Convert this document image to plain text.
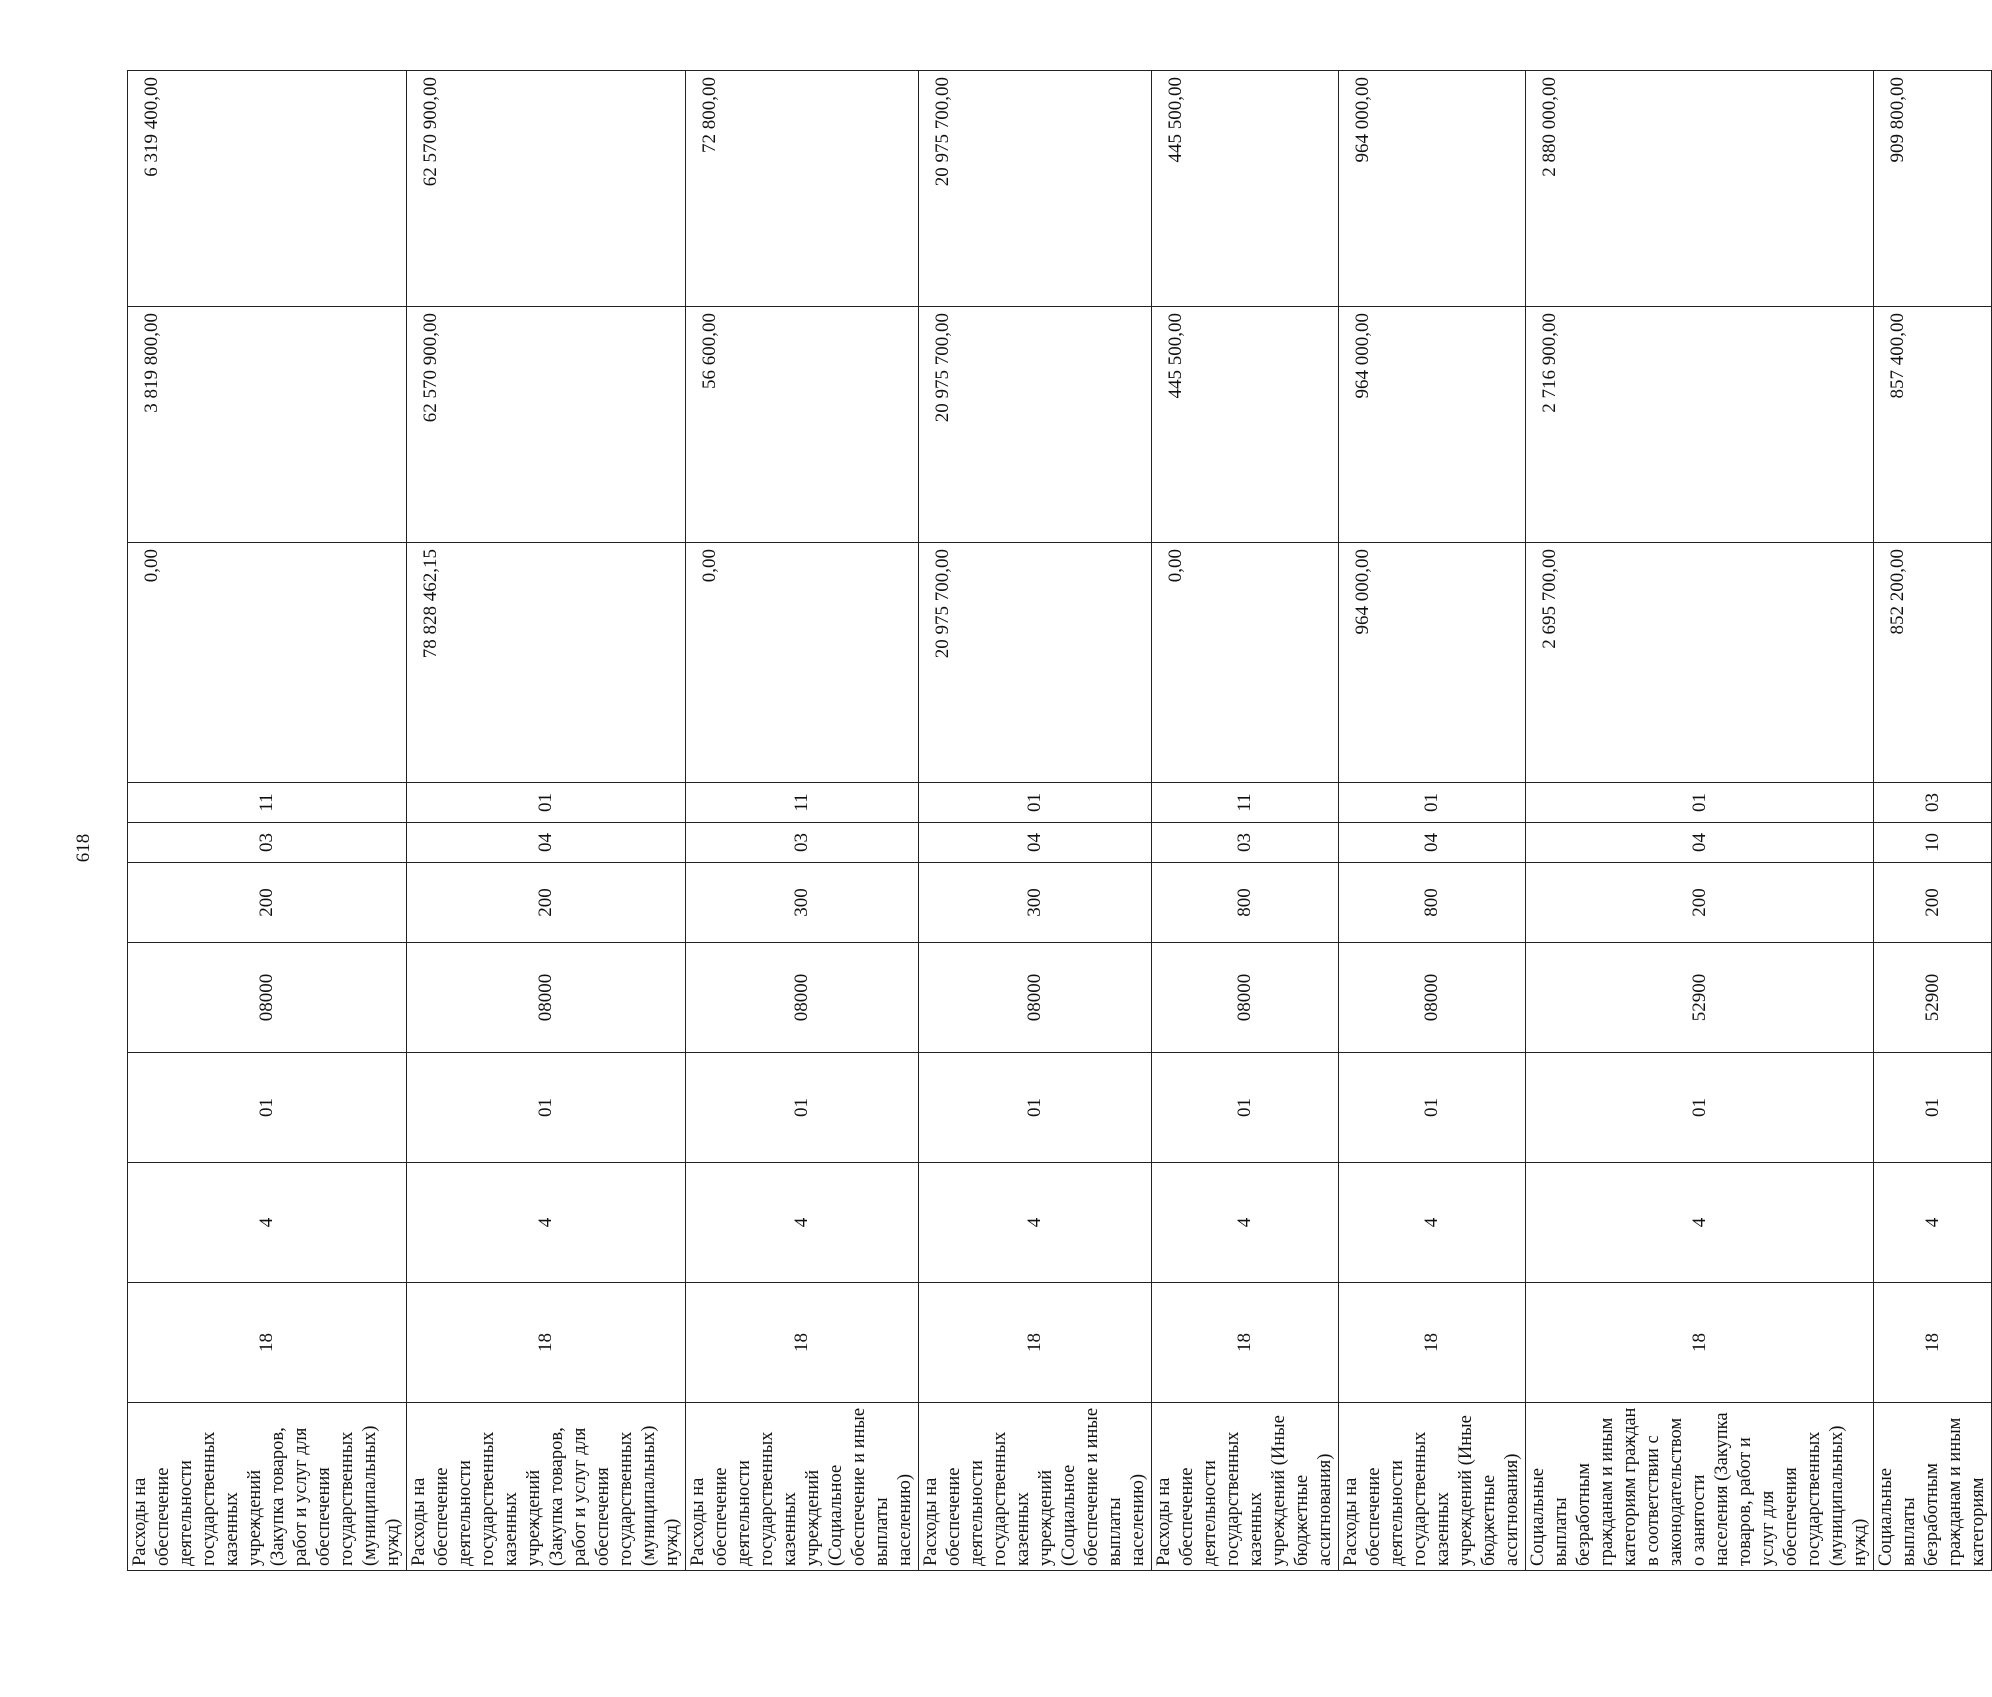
618
Расходы на обеспечение деятельности государственных казенных учреждений (Закупка товаров, работ и услуг для обеспечения государственных (муниципальных) нужд)	18	4	01	08000	200	03	11	0,00	3 819 800,00	6 319 400,00
Расходы на обеспечение деятельности государственных казенных учреждений (Закупка товаров, работ и услуг для обеспечения государственных (муниципальных) нужд)	18	4	01	08000	200	04	01	78 828 462,15	62 570 900,00	62 570 900,00
Расходы на обеспечение деятельности государственных казенных учреждений (Социальное обеспечение и иные выплаты населению)	18	4	01	08000	300	03	11	0,00	56 600,00	72 800,00
Расходы на обеспечение деятельности государственных казенных учреждений (Социальное обеспечение и иные выплаты населению)	18	4	01	08000	300	04	01	20 975 700,00	20 975 700,00	20 975 700,00
Расходы на обеспечение деятельности государственных казенных учреждений (Иные бюджетные ассигнования)	18	4	01	08000	800	03	11	0,00	445 500,00	445 500,00
Расходы на обеспечение деятельности государственных казенных учреждений (Иные бюджетные ассигнования)	18	4	01	08000	800	04	01	964 000,00	964 000,00	964 000,00
Социальные выплаты безработным гражданам и иным категориям граждан в соответствии с законодательством о занятости населения (Закупка товаров, работ и услуг для обеспечения государственных (муниципальных) нужд)	18	4	01	52900	200	04	01	2 695 700,00	2 716 900,00	2 880 000,00
Социальные выплаты безработным гражданам и иным категориям	18	4	01	52900	200	10	03	852 200,00	857 400,00	909 800,00
